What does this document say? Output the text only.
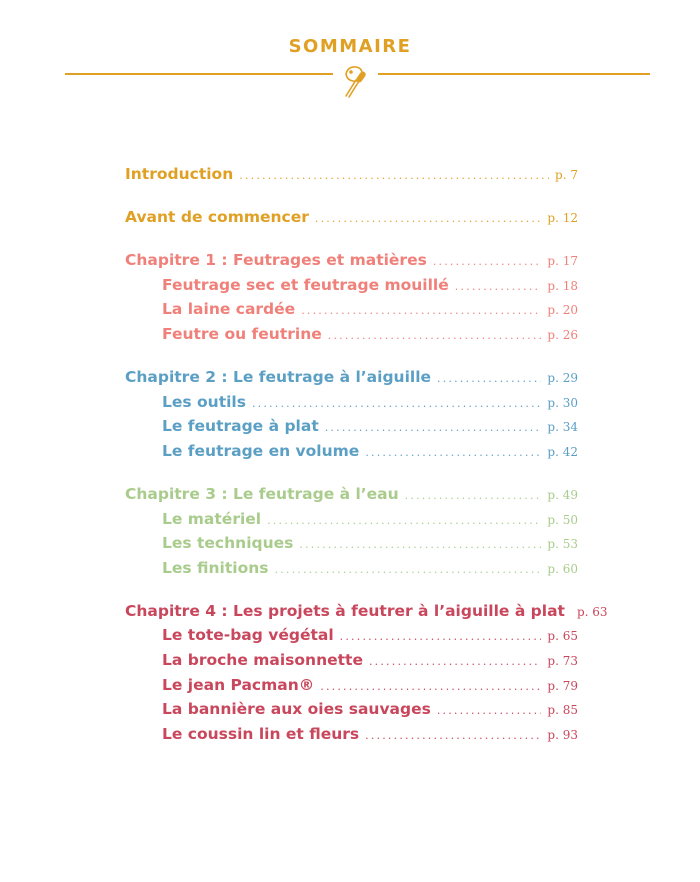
SOMMAIRE
Introduction .....	p. 7
Avant de commencer .....	p. 12
Chapitre 1 : Feutrages et matières .....	p. 17
Feutrage sec et feutrage mouillé .....	p. 18
La laine cardée .....	p. 20
Feutre ou feutrine .....	p. 26
Chapitre 2 : Le feutrage à l’aiguille .....	p. 29
Les outils .....	p. 30
Le feutrage à plat .....	p. 34
Le feutrage en volume .....	p. 42
Chapitre 3 : Le feutrage à l’eau .....	p. 49
Le matériel .....	p. 50
Les techniques .....	p. 53
Les finitions .....	p. 60
Chapitre 4 : Les projets à feutrer à l’aiguille à plat p. 63
Le tote-bag végétal .....	p. 65
La broche maisonnette .....	p. 73
Le jean Pacman® .....	p. 79
La bannière aux oies sauvages .....	p. 85
Le coussin lin et fleurs .....	p. 93
